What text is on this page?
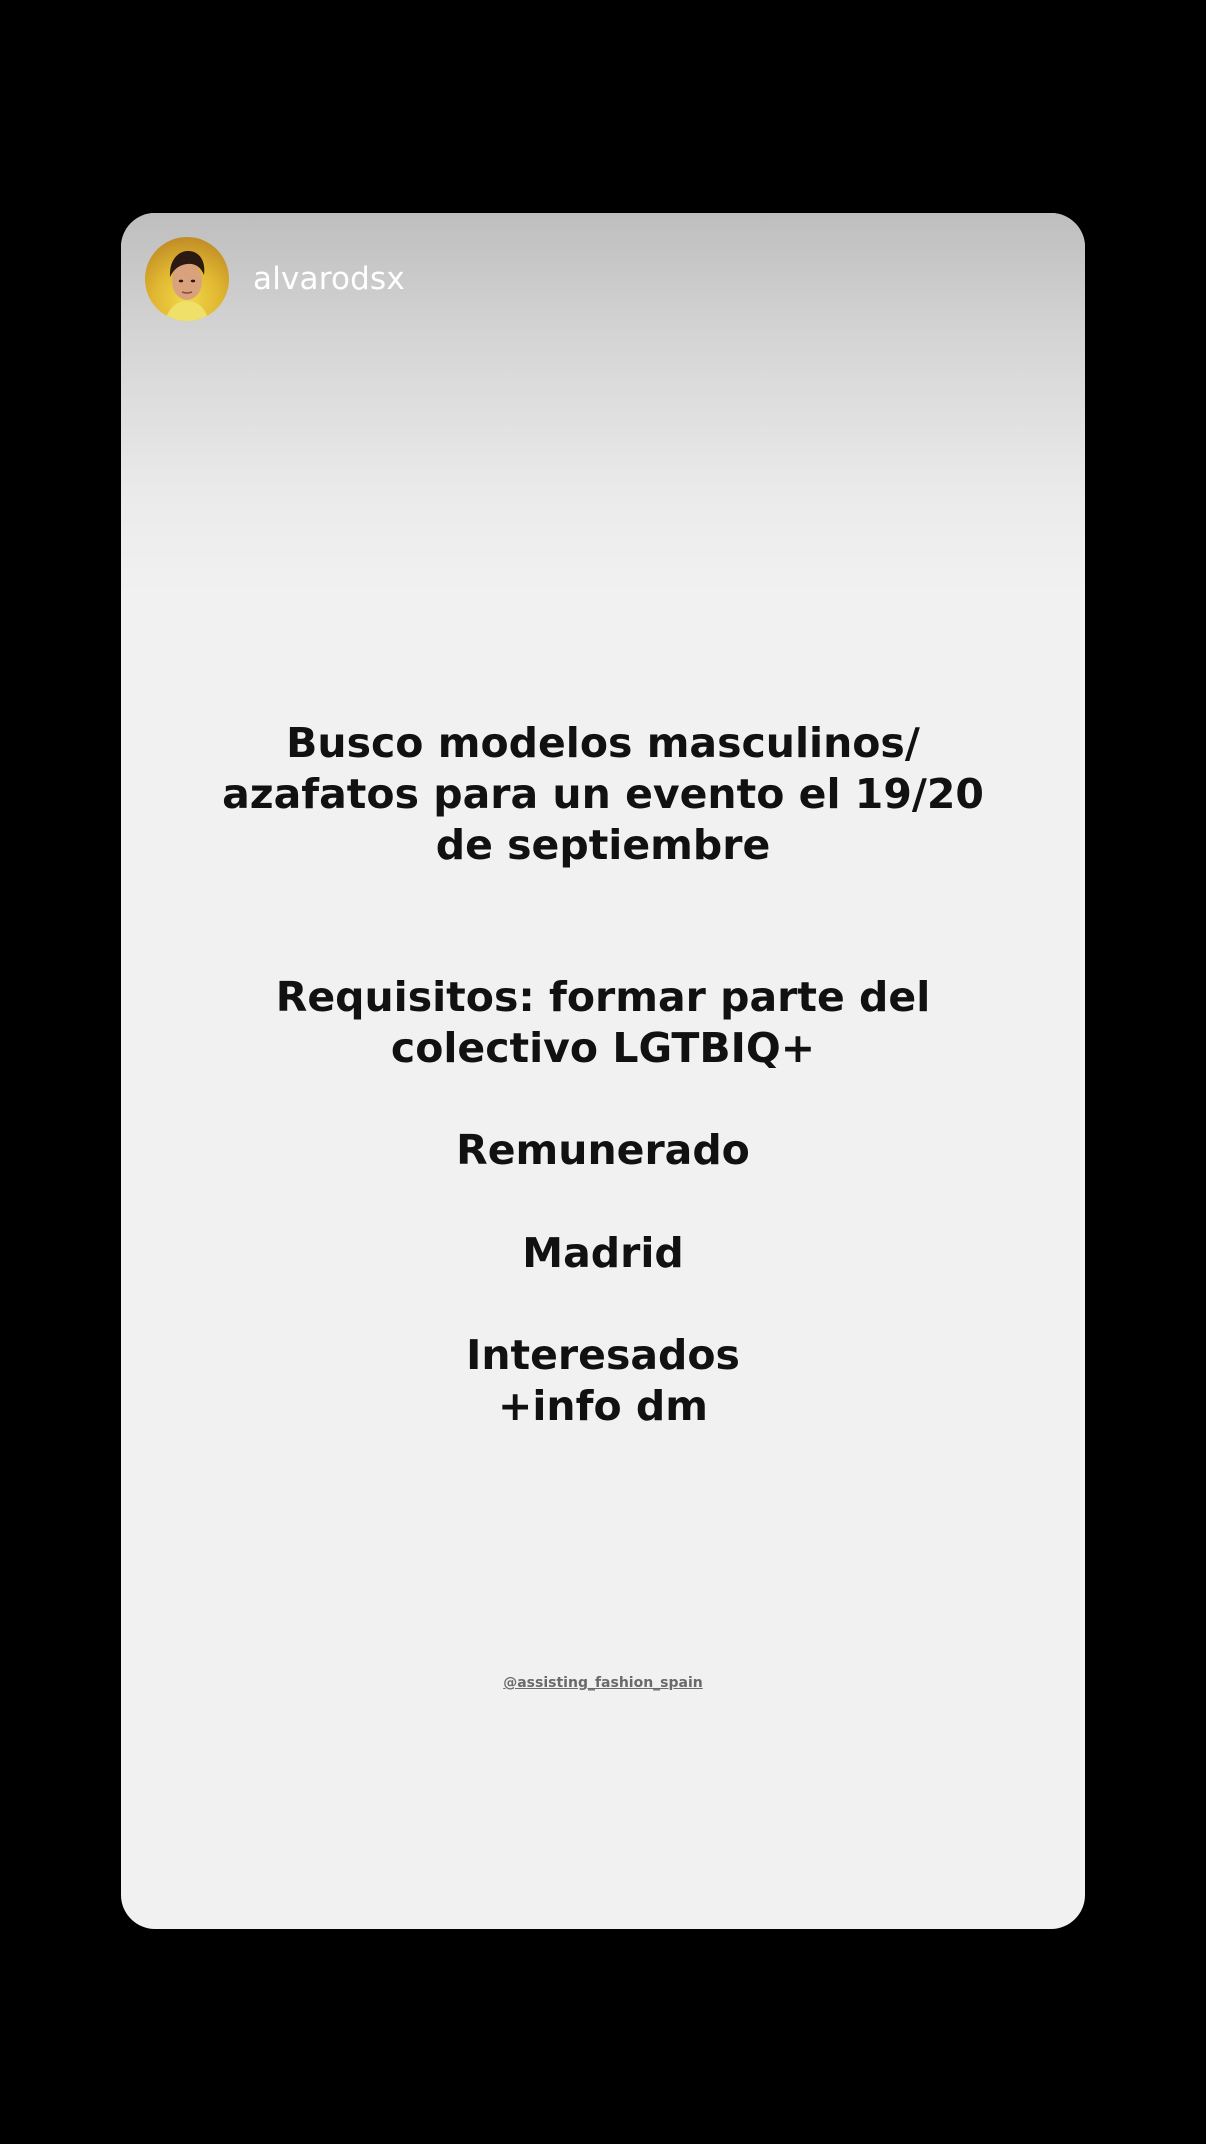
alvarodsx

Busco modelos masculinos/

azafatos para un evento el 19/20

de septiembre

Requisitos: formar parte del

colectivo LGTBIQ+

Remunerado

Madrid

Interesados

+info dm

@assisting_fashion_spain
